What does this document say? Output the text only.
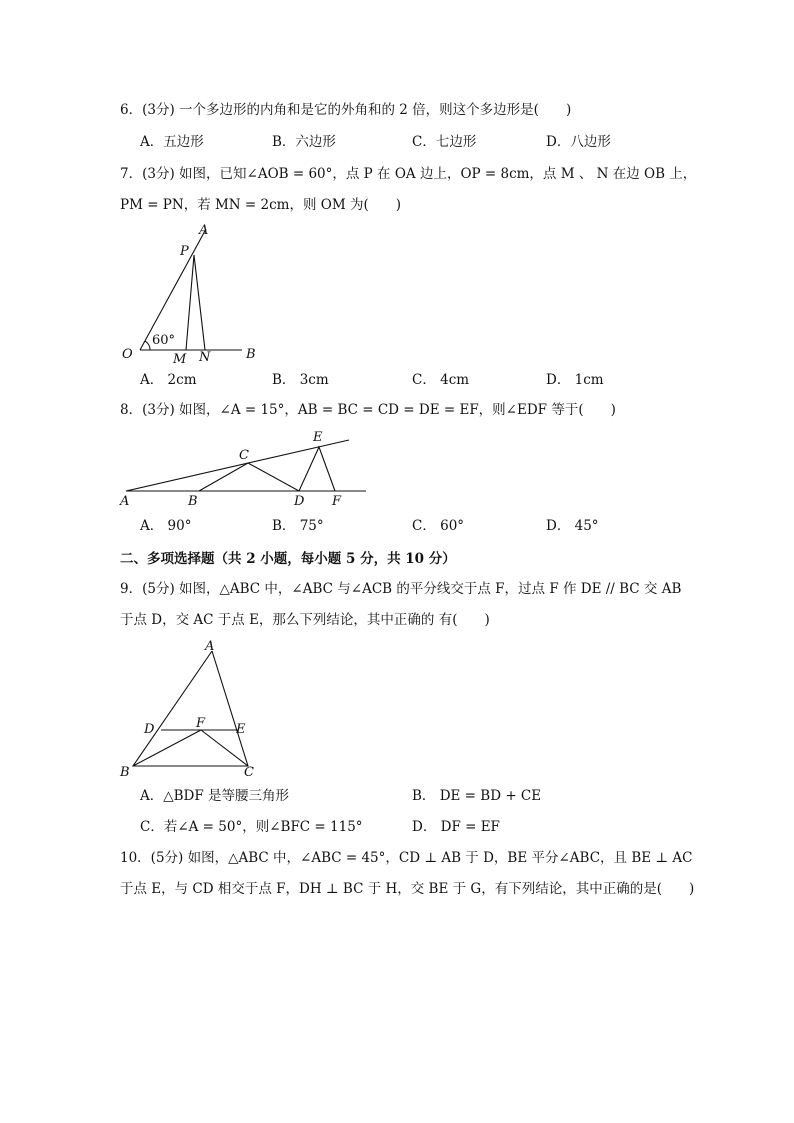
6．(3分) 一个多边形的内角和是它的外角和的 2 倍，则这个多边形是(　　)
A．五边形	B．六边形	C．七边形	D．八边形
7．(3分) 如图，已知∠AOB = 60°，点 P 在 OA 边上，OP = 8cm，点 M 、 N 在边 OB 上，
PM = PN，若 MN = 2cm，则 OM 为(　　)
A
P
O	M N	B
60°
A． 2cm	B． 3cm	C． 4cm	D． 1cm
8．(3分) 如图，∠A = 15°，AB = BC = CD = DE = EF，则∠EDF 等于(　　)
A	B
C
D
E
F
A． 90°	B． 75°	C． 60°	D． 45°
二、多项选择题（共 2 小题，每小题 5 分，共 10 分）
9．(5分) 如图，△ABC 中，∠ABC 与∠ACB 的平分线交于点 F，过点 F 作 DE // BC 交 AB
于点 D，交 AC 于点 E，那么下列结论，其中正确的 有(　　)
A
B	C
D	E
F
A．△BDF 是等腰三角形	B． DE = BD + CE
C．若∠A = 50°，则∠BFC = 115°	D． DF = EF
10．(5分) 如图，△ABC 中，∠ABC = 45°，CD ⊥ AB 于 D，BE 平分∠ABC，且 BE ⊥ AC
于点 E，与 CD 相交于点 F，DH ⊥ BC 于 H，交 BE 于 G，有下列结论，其中正确的是(　　)
